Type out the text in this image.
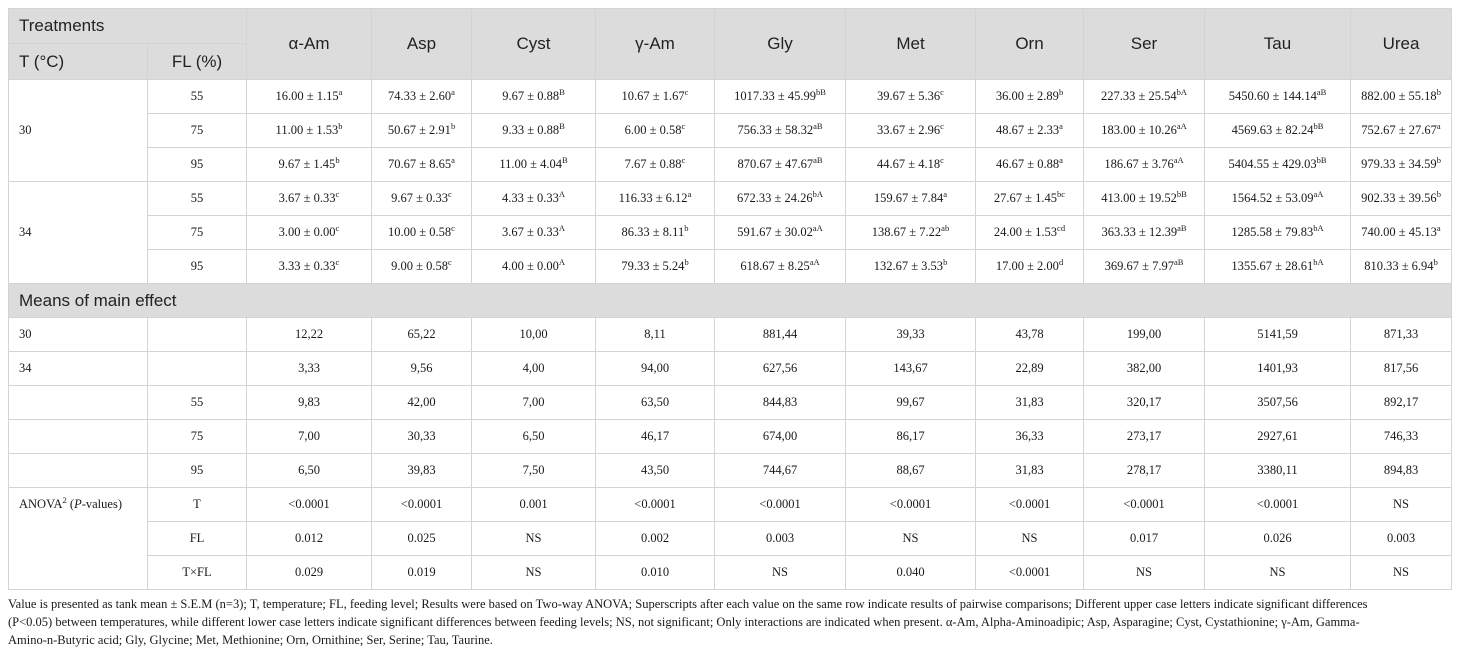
Treatments		α-Am	Asp	Cyst	γ-Am	Gly	Met	Orn	Ser	Tau	Urea
T (°C)	FL (%)										
30	55	16.00 ± 1.15$^a$	74.33 ± 2.60$^a$	$9.67 \pm 0.88^B$	10.67 ± 1.67$^c$	$1017.33 \pm 45.99^{bB}$	39.67 ± 5.36$^c$	36.00 ± 2.89$^b$	$227.33 \pm 25.54^{bA}$	$5450.60 \pm 144.14^{aB}$	882.00 ± 55.18$^b$
	75	11.00 ± 1.53$^b$	50.67 ± 2.91$^b$	$9.33 \pm 0.88^B$	6.00 ± 0.58$^c$	$756.33 \pm 58.32^{aB}$	33.67 ± 2.96$^c$	48.67 ± 2.33$^a$	$183.00 \pm 10.26^{aA}$	$4569.63 \pm 82.24^{bB}$	752.67 ± 27.67$^a$
	95	9.67 ± 1.45$^b$	70.67 ± 8.65$^a$	$11.00 \pm 4.04^B$	7.67 ± 0.88$^c$	$870.67 \pm 47.67^{aB}$	44.67 ± 4.18$^c$	46.67 ± 0.88$^a$	$186.67 \pm 3.76^{aA}$	$5404.55 \pm 429.03^{bB}$	979.33 ± 34.59$^b$
34	55	3.67 ± 0.33$^c$	9.67 ± 0.33$^c$	$4.33 \pm 0.33^A$	116.33 ± 6.12$^a$	$672.33 \pm 24.26^{bA}$	159.67 ± 7.84$^a$	27.67 ± 1.45$^{bc}$	$413.00 \pm 19.52^{bB}$	$1564.52 \pm 53.09^{aA}$	902.33 ± 39.56$^b$
	75	3.00 ± 0.00$^c$	10.00 ± 0.58$^c$	$3.67 \pm 0.33^A$	86.33 ± 8.11$^b$	$591.67 \pm 30.02^{aA}$	138.67 ± 7.22$^{ab}$	24.00 ± 1.53$^{cd}$	$363.33 \pm 12.39^{aB}$	$1285.58 \pm 79.83^{bA}$	740.00 ± 45.13$^a$
	95	3.33 ± 0.33$^c$	9.00 ± 0.58$^c$	$4.00 \pm 0.00^A$	79.33 ± 5.24$^b$	$618.67 \pm 8.25^{aA}$	132.67 ± 3.53$^b$	17.00 ± 2.00$^d$	$369.67 \pm 7.97^{aB}$	$1355.67 \pm 28.61^{bA}$	810.33 ± 6.94$^b$
Means of main effect											
30		12,22	65,22	10,00	8,11	881,44	39,33	43,78	199,00	5141,59	871,33
34		3,33	9,56	4,00	94,00	627,56	143,67	22,89	382,00	1401,93	817,56
	55	9,83	42,00	7,00	63,50	844,83	99,67	31,83	320,17	3507,56	892,17
	75	7,00	30,33	6,50	46,17	674,00	86,17	36,33	273,17	2927,61	746,33
	95	6,50	39,83	7,50	43,50	744,67	88,67	31,83	278,17	3380,11	894,83
ANOVA$^2$ (P-values)	T	<0.0001	<0.0001	0.001	<0.0001	<0.0001	<0.0001	<0.0001	<0.0001	<0.0001	NS
	FL	0.012	0.025	NS	0.002	0.003	NS	NS	0.017	0.026	0.003
	T×FL	0.029	0.019	NS	0.010	NS	0.040	<0.0001	NS	NS	NS
Value is presented as tank mean ± S.E.M (n=3); T, temperature; FL, feeding level; Results were based on Two-way ANOVA; Superscripts after each value on the same row indicate results of pairwise comparisons; Different upper case letters indicate significant differences
(P<0.05) between temperatures, while different lower case letters indicate significant differences between feeding levels; NS, not significant; Only interactions are indicated when present. α-Am, Alpha-Aminoadipic; Asp, Asparagine; Cyst, Cystathionine; γ-Am, Gamma-
Amino-n-Butyric acid; Gly, Glycine; Met, Methionine; Orn, Ornithine; Ser, Serine; Tau, Taurine.
